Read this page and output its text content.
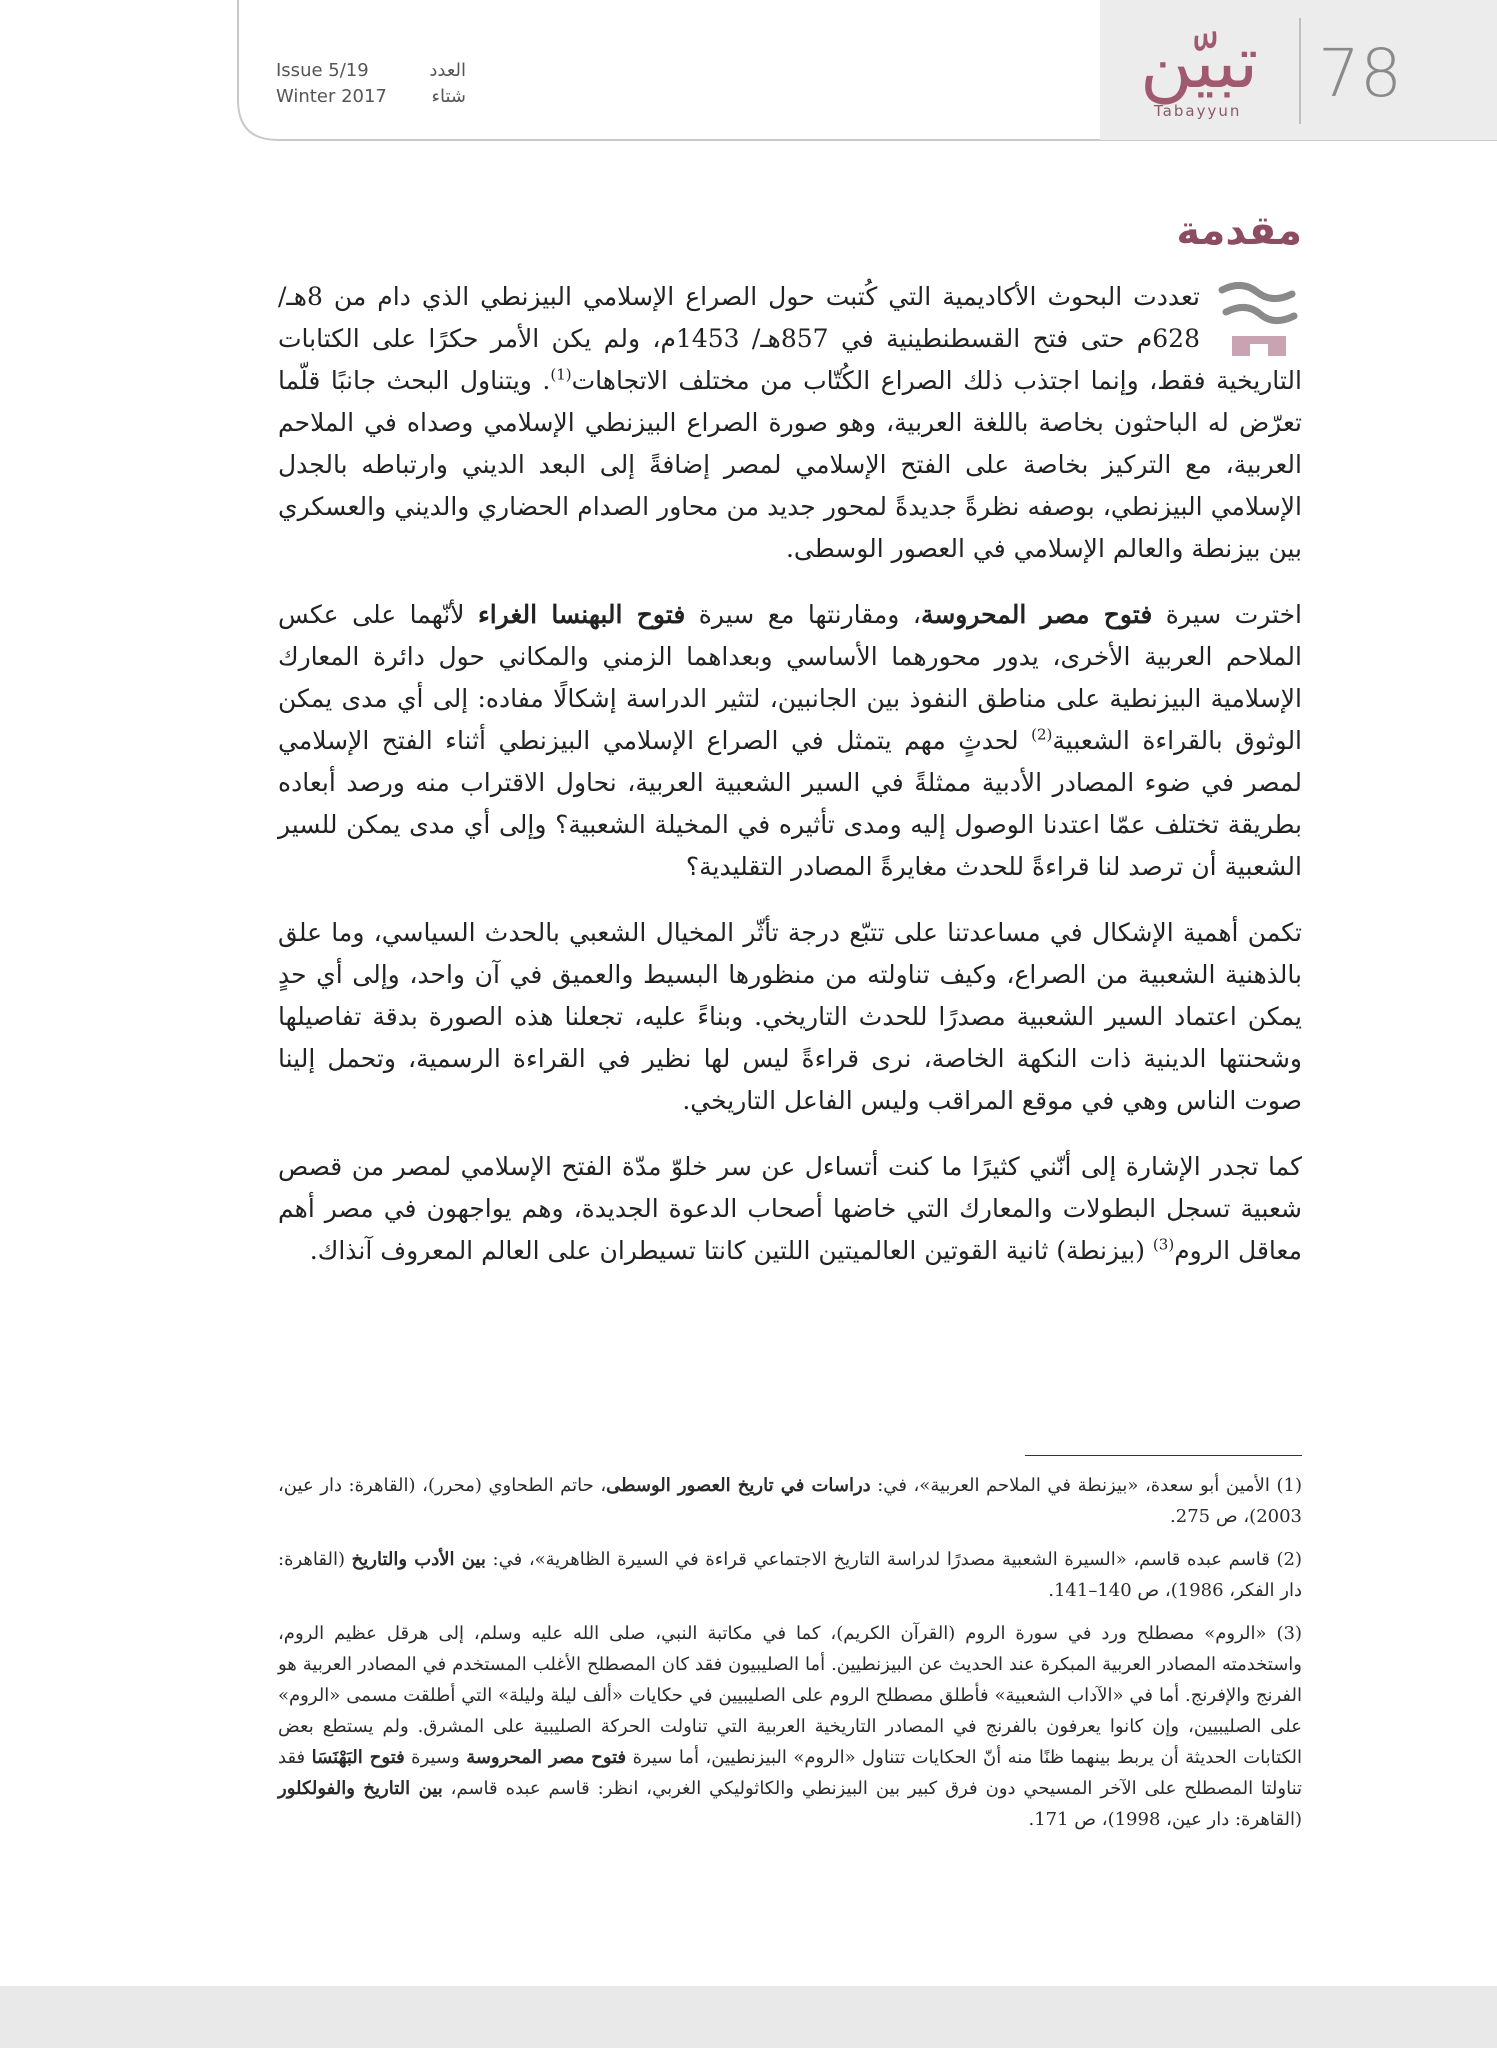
Issue 5/19	العدد
Winter 2017 شتاء	تبيّن
Tabayyun 78
مقدمة

تعددت البحوث الأكاديمية التي كُتبت حول الصراع الإسلامي البيزنطي الذي دام من 8هـ/ 628م حتى فتح القسطنطينية في 857هـ/ 1453م، ولم يكن الأمر حكرًا على الكتابات التاريخية فقط، وإنما اجتذب ذلك الصراع الكُتّاب من مختلف الاتجاهات$^{(1)}$. ويتناول البحث جانبًا قلّما تعرّض له الباحثون بخاصة باللغة العربية، وهو صورة الصراع البيزنطي الإسلامي وصداه في الملاحم العربية، مع التركيز بخاصة على الفتح الإسلامي لمصر إضافةً إلى البعد الديني وارتباطه بالجدل الإسلامي البيزنطي، بوصفه نظرةً جديدةً لمحور جديد من محاور الصدام الحضاري والديني والعسكري بين بيزنطة والعالم الإسلامي في العصور الوسطى.

اخترت سيرة فتوح مصر المحروسة، ومقارنتها مع سيرة فتوح البهنسا الغراء لأنّهما على عكس الملاحم العربية الأخرى، يدور محورهما الأساسي وبعداهما الزمني والمكاني حول دائرة المعارك الإسلامية البيزنطية على مناطق النفوذ بين الجانبين، لتثير الدراسة إشكالًا مفاده: إلى أي مدى يمكن الوثوق بالقراءة الشعبية$^{(2)}$ لحدثٍ مهم يتمثل في الصراع الإسلامي البيزنطي أثناء الفتح الإسلامي لمصر في ضوء المصادر الأدبية ممثلةً في السير الشعبية العربية، نحاول الاقتراب منه ورصد أبعاده بطريقة تختلف عمّا اعتدنا الوصول إليه ومدى تأثيره في المخيلة الشعبية؟ وإلى أي مدى يمكن للسير الشعبية أن ترصد لنا قراءةً للحدث مغايرةً المصادر التقليدية؟

تكمن أهمية الإشكال في مساعدتنا على تتبّع درجة تأثّر المخيال الشعبي بالحدث السياسي، وما علق بالذهنية الشعبية من الصراع، وكيف تناولته من منظورها البسيط والعميق في آن واحد، وإلى أي حدٍ يمكن اعتماد السير الشعبية مصدرًا للحدث التاريخي. وبناءً عليه، تجعلنا هذه الصورة بدقة تفاصيلها وشحنتها الدينية ذات النكهة الخاصة، نرى قراءةً ليس لها نظير في القراءة الرسمية، وتحمل إلينا صوت الناس وهي في موقع المراقب وليس الفاعل التاريخي.

كما تجدر الإشارة إلى أنّني كثيرًا ما كنت أتساءل عن سر خلوّ مدّة الفتح الإسلامي لمصر من قصص شعبية تسجل البطولات والمعارك التي خاضها أصحاب الدعوة الجديدة، وهم يواجهون في مصر أهم معاقل الروم$^{(3)}$ (بيزنطة) ثانية القوتين العالميتين اللتين كانتا تسيطران على العالم المعروف آنذاك.

(1) الأمين أبو سعدة، «بيزنطة في الملاحم العربية»، في: دراسات في تاريخ العصور الوسطى، حاتم الطحاوي (محرر)، (القاهرة: دار عين، 2003)، ص 275.

(2) قاسم عبده قاسم، «السيرة الشعبية مصدرًا لدراسة التاريخ الاجتماعي قراءة في السيرة الظاهرية»، في: بين الأدب والتاريخ (القاهرة: دار الفكر، 1986)، ص 140–141.

(3) «الروم» مصطلح ورد في سورة الروم (القرآن الكريم)، كما في مكاتبة النبي، صلى الله عليه وسلم، إلى هرقل عظيم الروم، واستخدمته المصادر العربية المبكرة عند الحديث عن البيزنطيين. أما الصليبيون فقد كان المصطلح الأغلب المستخدم في المصادر العربية هو الفرنج والإفرنج. أما في «الآداب الشعبية» فأطلق مصطلح الروم على الصليبيين في حكايات «ألف ليلة وليلة» التي أطلقت مسمى «الروم» على الصليبيين، وإن كانوا يعرفون بالفرنج في المصادر التاريخية العربية التي تناولت الحركة الصليبية على المشرق. ولم يستطع بعض الكتابات الحديثة أن يربط بينهما ظنًا منه أنّ الحكايات تتناول «الروم» البيزنطيين، أما سيرة فتوح مصر المحروسة وسيرة فتوح البَهْنَسَا فقد تناولتا المصطلح على الآخر المسيحي دون فرق كبير بين البيزنطي والكاثوليكي الغربي، انظر: قاسم عبده قاسم، بين التاريخ والفولكلور (القاهرة: دار عين، 1998)، ص 171.
